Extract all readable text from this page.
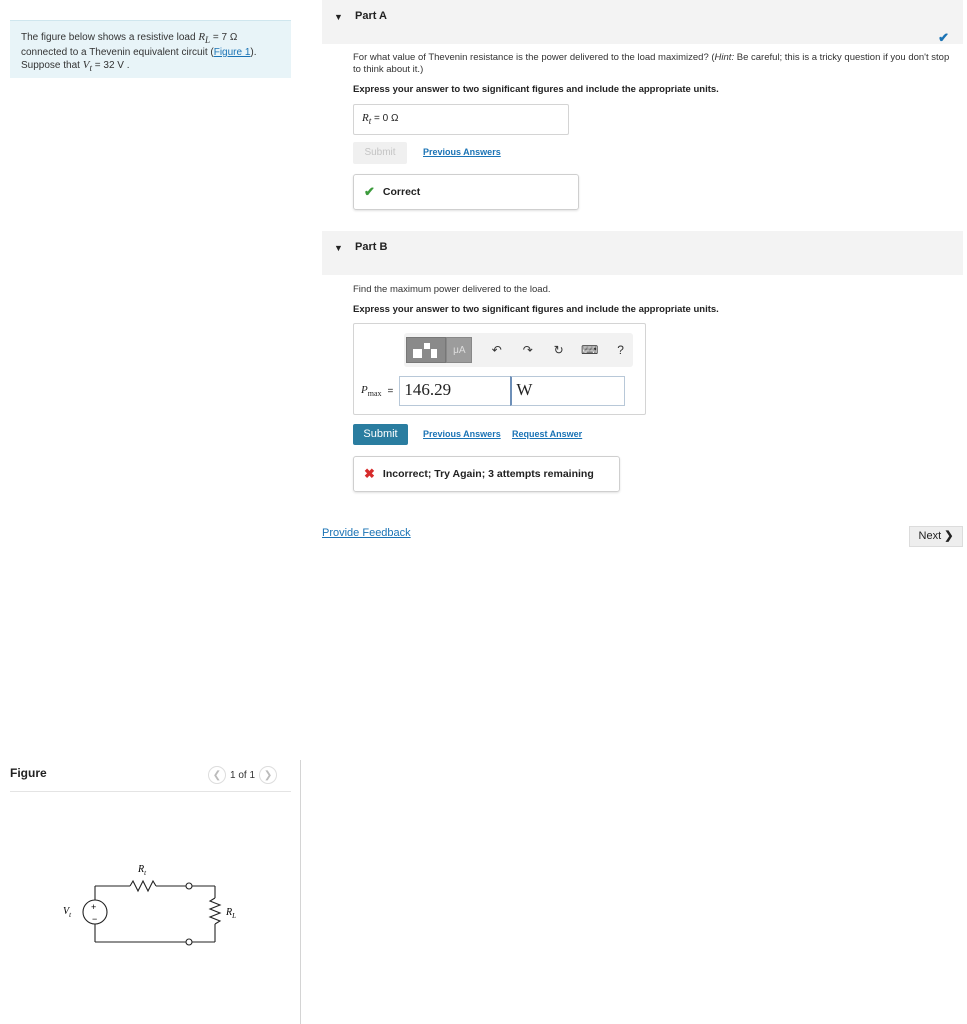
The figure below shows a resistive load $R_L = 7$ Ω
connected to a Thevenin equivalent circuit (Figure 1).
Suppose that $V_t = 32$ V .
Figure	❮ 1 of 1 ❯
+
−
$R_t$
$V_t$	$R_L$
▼ Part A
✔
For what value of Thevenin resistance is the power delivered to the load maximized? (Hint: Be careful; this is a tricky question if you don't stop to think about it.)
Express your answer to two significant figures and include the appropriate units.
$R_t = 0$ Ω
Submit	Previous Answers
✔ Correct
▼ Part B
Find the maximum power delivered to the load.
Express your answer to two significant figures and include the appropriate units.
μA	↶	↷	↻	⌨	?
$P_{max} = 146.29$	W
Submit	Previous Answers Request Answer
✖ Incorrect; Try Again; 3 attempts remaining
Provide Feedback	Next ❯
